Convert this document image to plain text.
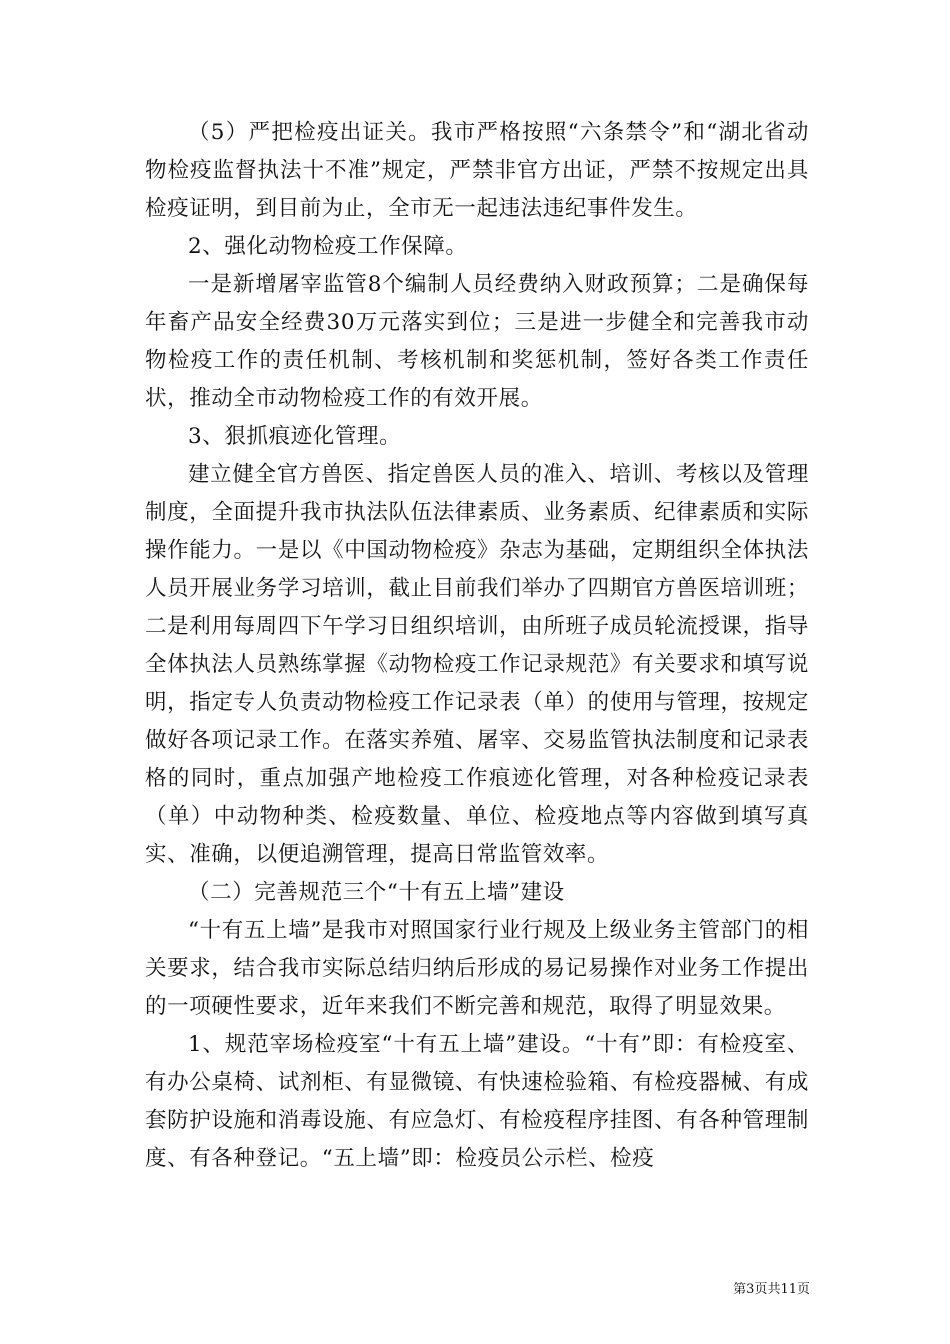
（5）严把检疫出证关。我市严格按照“六条禁令”和“湖北省动物检疫监督执法十不准”规定，严禁非官方出证，严禁不按规定出具检疫证明，到目前为止，全市无一起违法违纪事件发生。

2、强化动物检疫工作保障。

一是新增屠宰监管8个编制人员经费纳入财政预算；二是确保每年畜产品安全经费30万元落实到位；三是进一步健全和完善我市动物检疫工作的责任机制、考核机制和奖惩机制，签好各类工作责任状，推动全市动物检疫工作的有效开展。

3、狠抓痕迹化管理。

建立健全官方兽医、指定兽医人员的准入、培训、考核以及管理制度，全面提升我市执法队伍法律素质、业务素质、纪律素质和实际操作能力。一是以《中国动物检疫》杂志为基础，定期组织全体执法人员开展业务学习培训，截止目前我们举办了四期官方兽医培训班；二是利用每周四下午学习日组织培训，由所班子成员轮流授课，指导全体执法人员熟练掌握《动物检疫工作记录规范》有关要求和填写说明，指定专人负责动物检疫工作记录表（单）的使用与管理，按规定做好各项记录工作。在落实养殖、屠宰、交易监管执法制度和记录表格的同时，重点加强产地检疫工作痕迹化管理，对各种检疫记录表（单）中动物种类、检疫数量、单位、检疫地点等内容做到填写真实、准确，以便追溯管理，提高日常监管效率。

（二）完善规范三个“十有五上墙”建设

“十有五上墙”是我市对照国家行业行规及上级业务主管部门的相关要求，结合我市实际总结归纳后形成的易记易操作对业务工作提出的一项硬性要求，近年来我们不断完善和规范，取得了明显效果。

1、规范宰场检疫室“十有五上墙”建设。“十有”即：有检疫室、有办公桌椅、试剂柜、有显微镜、有快速检验箱、有检疫器械、有成套防护设施和消毒设施、有应急灯、有检疫程序挂图、有各种管理制度、有各种登记。“五上墙”即：检疫员公示栏、检疫

第3页共11页
